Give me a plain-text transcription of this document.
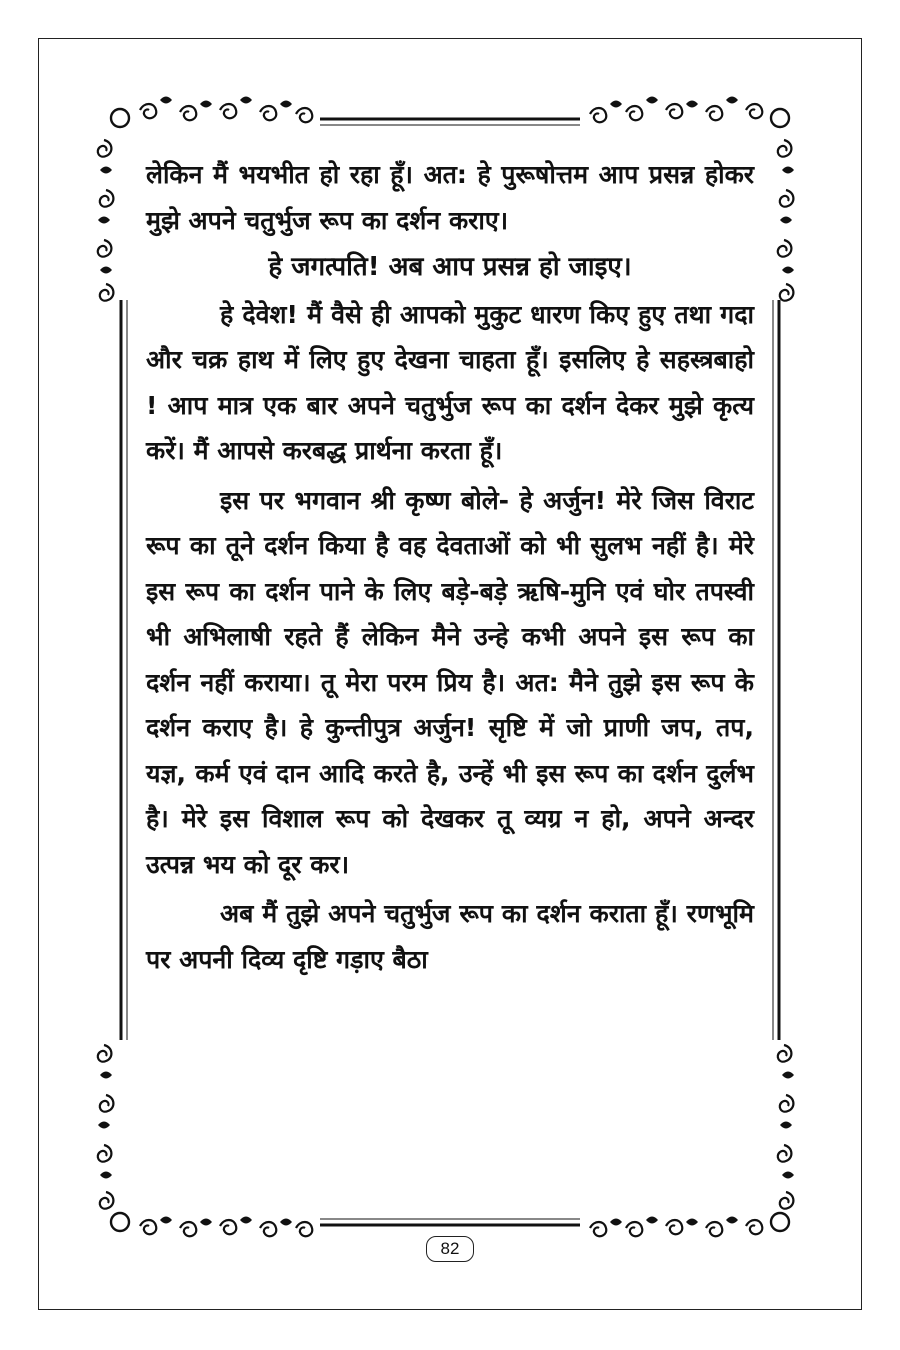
लेकिन मैं भयभीत हो रहा हूँ। अत: हे पुरूषोत्तम आप प्रसन्न होकर मुझे अपने चतुर्भुज रूप का दर्शन कराए।

हे जगत्पति! अब आप प्रसन्न हो जाइए।

हे देवेश! मैं वैसे ही आपको मुकुट धारण किए हुए तथा गदा और चक्र हाथ में लिए हुए देखना चाहता हूँ। इसलिए हे सहस्त्रबाहो ! आप मात्र एक बार अपने चतुर्भुज रूप का दर्शन देकर मुझे कृत्य करें। मैं आपसे करबद्ध प्रार्थना करता हूँ।

इस पर भगवान श्री कृष्ण बोले- हे अर्जुन! मेरे जिस विराट रूप का तूने दर्शन किया है वह देवताओं को भी सुलभ नहीं है। मेरे इस रूप का दर्शन पाने के लिए बड़े-बड़े ऋषि-मुनि एवं घोर तपस्वी भी अभिलाषी रहते हैं लेकिन मैने उन्हे कभी अपने इस रूप का दर्शन नहीं कराया। तू मेरा परम प्रिय है। अत: मैने तुझे इस रूप के दर्शन कराए है। हे कुन्तीपुत्र अर्जुन! सृष्टि में जो प्राणी जप, तप, यज्ञ, कर्म एवं दान आदि करते है, उन्हें भी इस रूप का दर्शन दुर्लभ है। मेरे इस विशाल रूप को देखकर तू व्यग्र न हो, अपने अन्दर उत्पन्न भय को दूर कर।

अब मैं तुझे अपने चतुर्भुज रूप का दर्शन कराता हूँ। रणभूमि पर अपनी दिव्य दृष्टि गड़ाए बैठा

82
